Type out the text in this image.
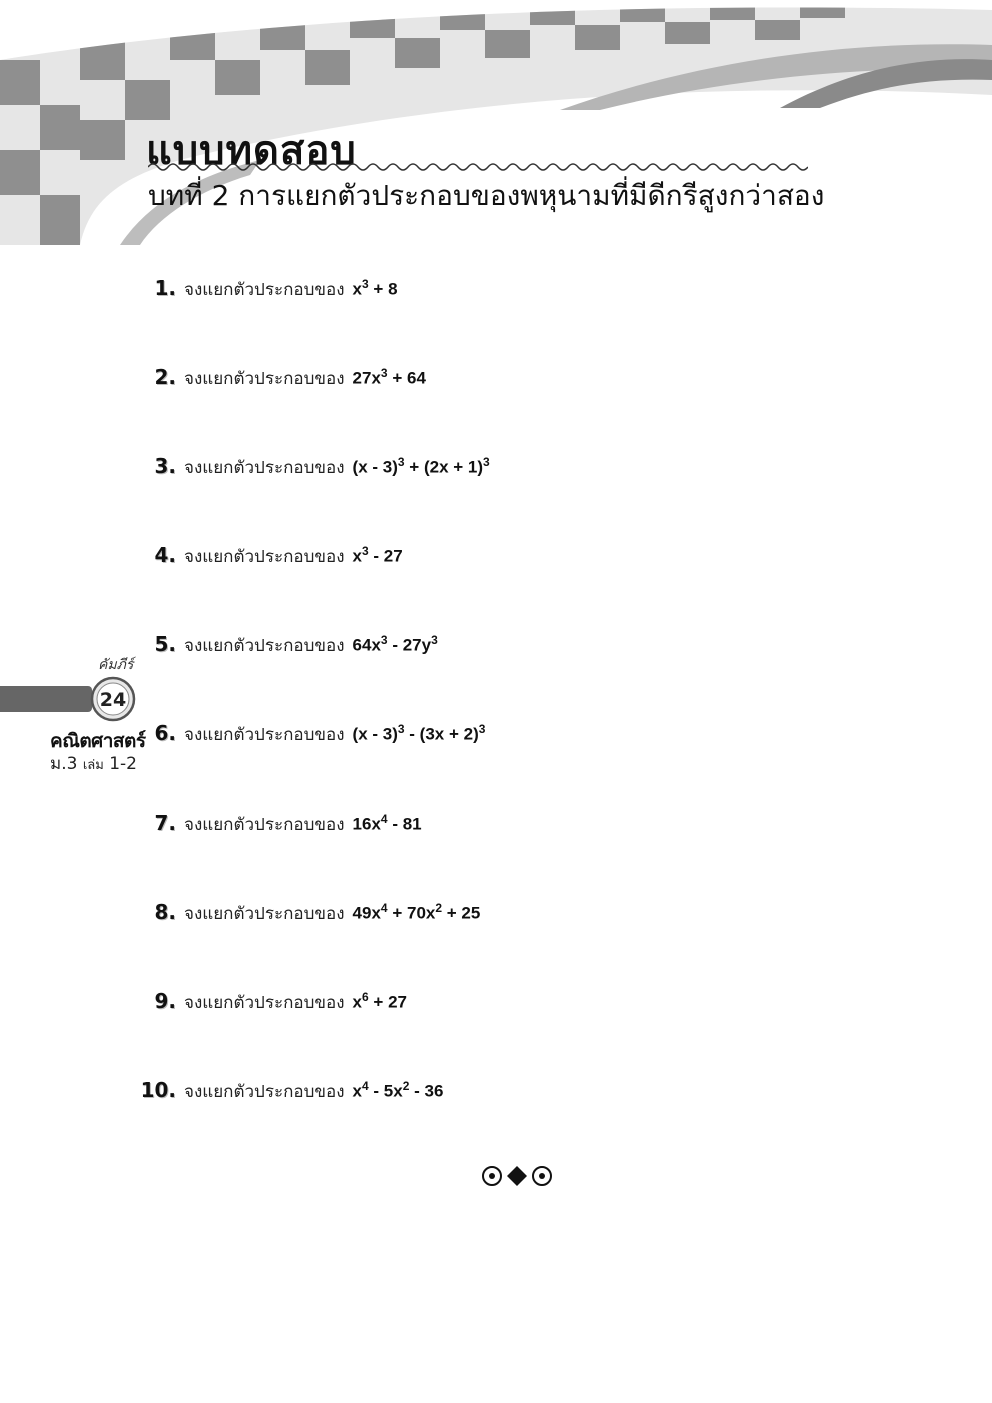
แบบทดสอบ
บทที่ 2 การแยกตัวประกอบของพหุนามที่มีดีกรีสูงกว่าสอง
1. จงแยกตัวประกอบของ $x^3 + 8$
2. จงแยกตัวประกอบของ $27x^3 + 64$
3. จงแยกตัวประกอบของ $(x - 3)^3 + (2x + 1)^3$
4. จงแยกตัวประกอบของ $x^3 - 27$
5. จงแยกตัวประกอบของ $64x^3 - 27y^3$
6. จงแยกตัวประกอบของ $(x - 3)^3 - (3x + 2)^3$
7. จงแยกตัวประกอบของ $16x^4 - 81$
8. จงแยกตัวประกอบของ $49x^4 + 70x^2 + 25$
9. จงแยกตัวประกอบของ $x^6 + 27$
10. จงแยกตัวประกอบของ $x^4 - 5x^2 - 36$
คัมภีร์
24
คณิตศาสตร์
ม.3 เล่ม 1-2
